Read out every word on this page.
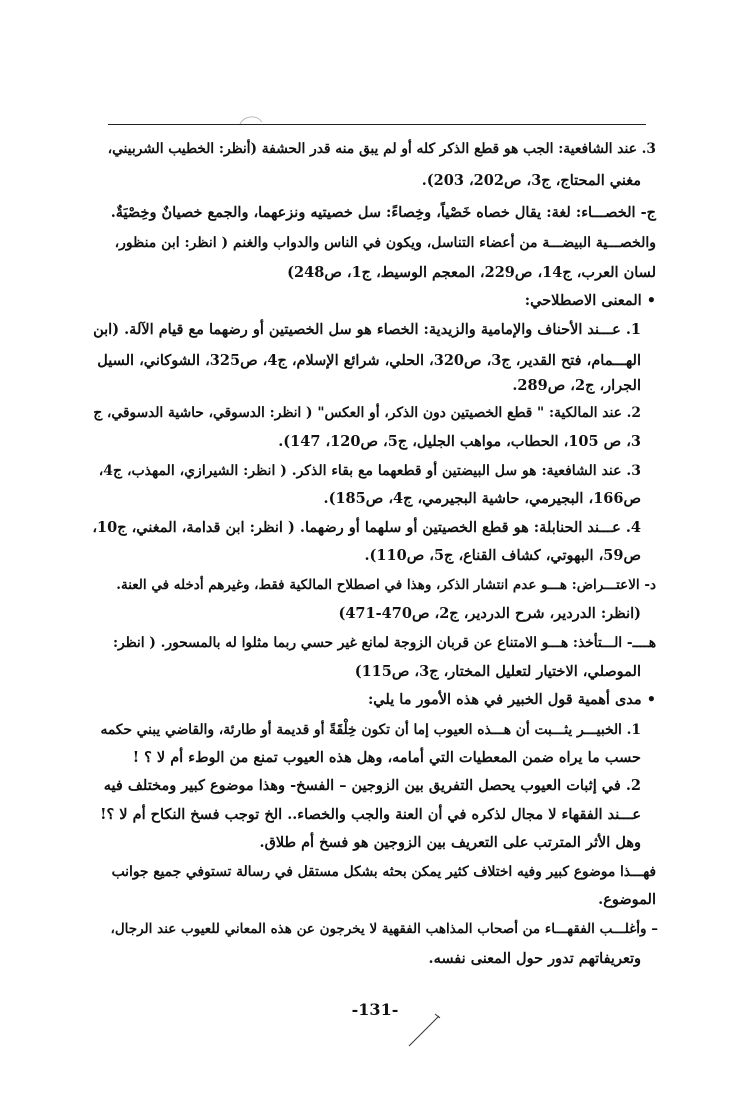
3. عند الشافعية: الجب هو قطع الذكر كله أو لم يبق منه قدر الحشفة (أنظر: الخطيب الشربيني،
مغني المحتاج، ج3، ص202، 203).
ج- الخصـــاء: لغة: يقال خصاه خَصْياً، وخِصاءً: سل خصيتيه ونزعهما، والجمع خصيانٌ وخِصْيَةٌ.
والخصـــية البيضـــة من أعضاء التناسل، ويكون في الناس والدواب والغنم ( انظر: ابن منظور،
لسان العرب، ج14، ص229، المعجم الوسيط، ج1، ص248)
• المعنى الاصطلاحي:
1. عـــند الأحناف والإمامية والزيدية: الخصاء هو سل الخصيتين أو رضهما مع قيام الآلة. (ابن
الهـــمام، فتح القدير، ج3، ص320، الحلي، شرائع الإسلام، ج4، ص325، الشوكاني، السيل
الجرار، ج2، ص289.
2. عند المالكية: " قطع الخصيتين دون الذكر، أو العكس" ( انظر: الدسوقي، حاشية الدسوقي، ج
3، ص 105، الحطاب، مواهب الجليل، ج5، ص120، 147).
3. عند الشافعية: هو سل البيضتين أو قطعهما مع بقاء الذكر. ( انظر: الشيرازي، المهذب، ج4،
ص166، البجيرمي، حاشية البجيرمي، ج4، ص185).
4. عـــند الحنابلة: هو قطع الخصيتين أو سلهما أو رضهما. ( انظر: ابن قدامة، المغني، ج10،
ص59، البهوتي، كشاف القناع، ج5، ص110).
د- الاعتـــراض: هـــو عدم انتشار الذكر، وهذا في اصطلاح المالكية فقط، وغيرهم أدخله في العنة.
(انظر: الدردير، شرح الدردير، ج2، ص470-471)
هــــ- الـــتأخذ: هـــو الامتناع عن قربان الزوجة لمانع غير حسي ربما مثلوا له بالمسحور. ( انظر:
الموصلي، الاختيار لتعليل المختار، ج3، ص115)
• مدى أهمية قول الخبير في هذه الأمور ما يلي:
1. الخبيـــر يثـــبت أن هـــذه العيوب إما أن تكون خِلْقَةً أو قديمة أو طارئة، والقاضي يبني حكمه
حسب ما يراه ضمن المعطيات التي أمامه، وهل هذه العيوب تمنع من الوطء أم لا ؟ !
2. في إثبات العيوب يحصل التفريق بين الزوجين – الفسخ- وهذا موضوع كبير ومختلف فيه
عـــند الفقهاء لا مجال لذكره في أن العنة والجب والخصاء.. الخ توجب فسخ النكاح أم لا ؟!
وهل الأثر المترتب على التعريف بين الزوجين هو فسخ أم طلاق.
فهـــذا موضوع كبير وفيه اختلاف كثير يمكن بحثه بشكل مستقل في رسالة تستوفي جميع جوانب
الموضوع.
– وأغلـــب الفقهـــاء من أصحاب المذاهب الفقهية لا يخرجون عن هذه المعاني للعيوب عند الرجال،
وتعريفاتهم تدور حول المعنى نفسه.
-131-
